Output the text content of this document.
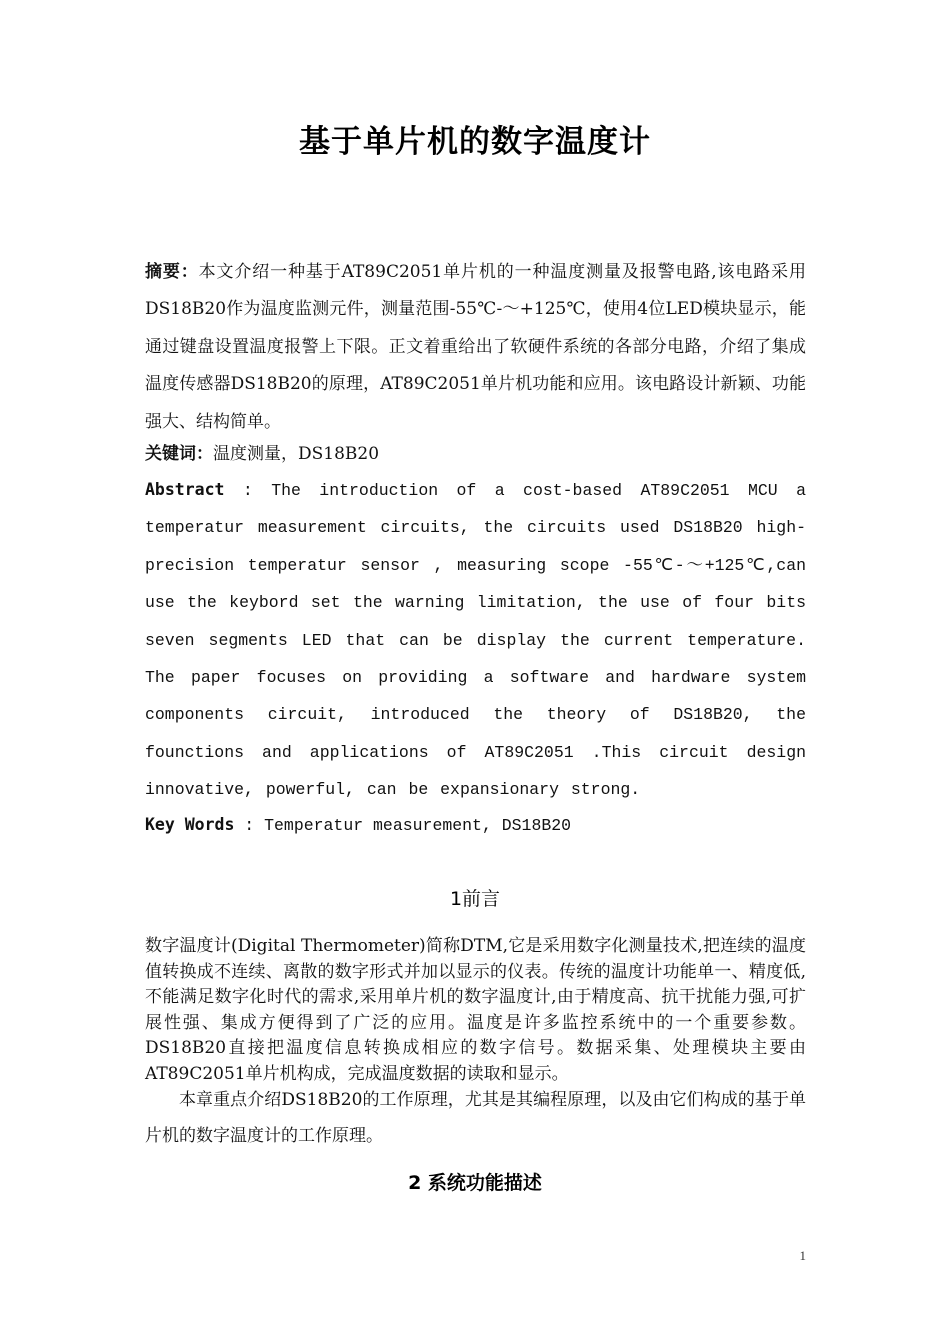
基于单片机的数字温度计
摘要：本文介绍一种基于AT89C2051单片机的一种温度测量及报警电路,该电路采用DS18B20作为温度监测元件，测量范围-55℃-～+125℃，使用4位LED模块显示，能通过键盘设置温度报警上下限。正文着重给出了软硬件系统的各部分电路，介绍了集成温度传感器DS18B20的原理，AT89C2051单片机功能和应用。该电路设计新颖、功能强大、结构简单。
关键词：温度测量，DS18B20
Abstract : The introduction of a cost-based AT89C2051 MCU a temperatur measurement circuits, the circuits used DS18B20 high-precision temperatur sensor , measuring scope -55℃-～+125℃,can use the keybord set the warning limitation, the use of four bits seven segments LED that can be display the current temperature. The paper focuses on providing a software and hardware system components circuit, introduced the theory of DS18B20, the founctions and applications of AT89C2051 .This circuit design innovative, powerful, can be expansionary strong.
Key Words : Temperatur measurement, DS18B20
1前言
数字温度计(Digital Thermometer)简称DTM,它是采用数字化测量技术,把连续的温度值转换成不连续、离散的数字形式并加以显示的仪表。传统的温度计功能单一、精度低,不能满足数字化时代的需求,采用单片机的数字温度计,由于精度高、抗干扰能力强,可扩展性强、集成方便得到了广泛的应用。温度是许多监控系统中的一个重要参数。DS18B20直接把温度信息转换成相应的数字信号。数据采集、处理模块主要由AT89C2051单片机构成，完成温度数据的读取和显示。
本章重点介绍DS18B20的工作原理，尤其是其编程原理，以及由它们构成的基于单片机的数字温度计的工作原理。
2 系统功能描述
1
